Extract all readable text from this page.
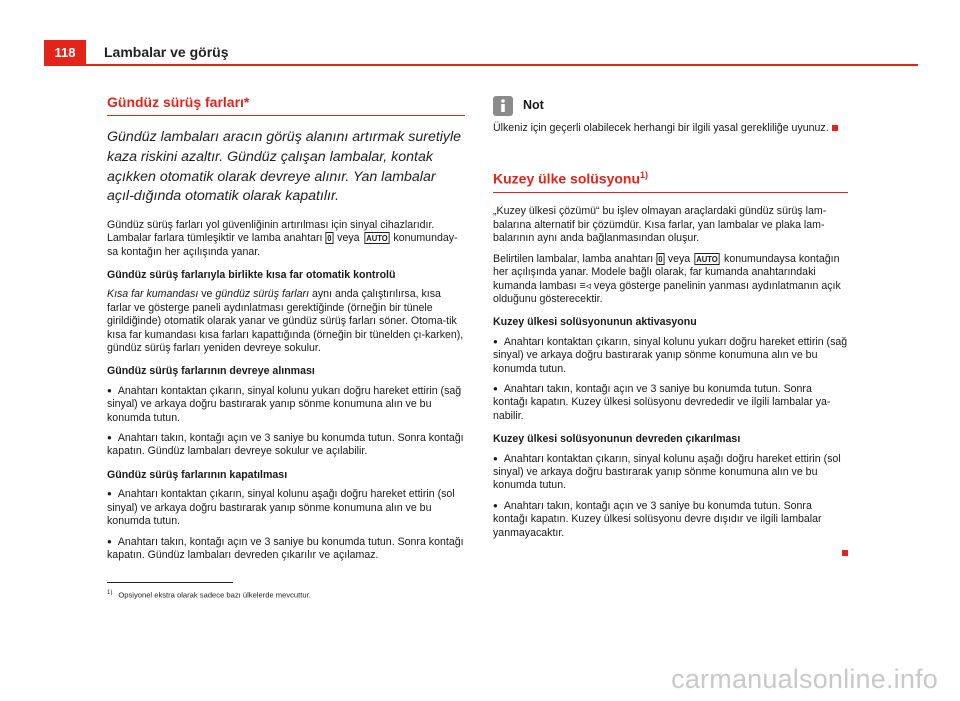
118 Lambalar ve görüş
Gündüz sürüş farları*
Gündüz lambaları aracın görüş alanını artırmak suretiyle kaza riskini azaltır. Gündüz çalışan lambalar, kontak açıkken otomatik olarak devreye alınır. Yan lambalar açıl-dığında otomatik olarak kapatılır.

Gündüz sürüş farları yol güvenliğinin artırılması için sinyal cihazlarıdır. Lambalar farlara tümleşiktir ve lamba anahtarı 0 veya AUTO konumunday-sa kontağın her açılışında yanar.

Gündüz sürüş farlarıyla birlikte kısa far otomatik kontrolü

Kısa far kumandası ve gündüz sürüş farları aynı anda çalıştırılırsa, kısa farlar ve gösterge paneli aydınlatması gerektiğinde (örneğin bir tünele girildiğinde) otomatik olarak yanar ve gündüz sürüş farları söner. Otoma-tik kısa far kumandası kısa farları kapattığında (örneğin bir tünelden çı-karken), gündüz sürüş farları yeniden devreye sokulur.

Gündüz sürüş farlarının devreye alınması

● Anahtarı kontaktan çıkarın, sinyal kolunu yukarı doğru hareket ettirin (sağ sinyal) ve arkaya doğru bastırarak yanıp sönme konumuna alın ve bu konumda tutun.

● Anahtarı takın, kontağı açın ve 3 saniye bu konumda tutun. Sonra kontağı kapatın. Gündüz lambaları devreye sokulur ve açılabilir.

Gündüz sürüş farlarının kapatılması

● Anahtarı kontaktan çıkarın, sinyal kolunu aşağı doğru hareket ettirin (sol sinyal) ve arkaya doğru bastırarak yanıp sönme konumuna alın ve bu konumda tutun.

● Anahtarı takın, kontağı açın ve 3 saniye bu konumda tutun. Sonra kontağı kapatın. Gündüz lambaları devreden çıkarılır ve açılamaz.

Not

Ülkeniz için geçerli olabilecek herhangi bir ilgili yasal gerekliliğe uyunuz.

Kuzey ülke solüsyonu$^{1)}$

„Kuzey ülkesi çözümü“ bu işlev olmayan araçlardaki gündüz sürüş lam-balarına alternatif bir çözümdür. Kısa farlar, yan lambalar ve plaka lam-balarının aynı anda bağlanmasından oluşur.

Belirtilen lambalar, lamba anahtarı 0 veya AUTO konumundaysa kontağın her açılışında yanar. Modele bağlı olarak, far kumanda anahtarındaki kumanda lambası ≡◃ veya gösterge panelinin yanması aydınlatmanın açık olduğunu gösterecektir.

Kuzey ülkesi solüsyonunun aktivasyonu

● Anahtarı kontaktan çıkarın, sinyal kolunu yukarı doğru hareket ettirin (sağ sinyal) ve arkaya doğru bastırarak yanıp sönme konumuna alın ve bu konumda tutun.

● Anahtarı takın, kontağı açın ve 3 saniye bu konumda tutun. Sonra kontağı kapatın. Kuzey ülkesi solüsyonu devrededir ve ilgili lambalar ya-nabilir.

Kuzey ülkesi solüsyonunun devreden çıkarılması

● Anahtarı kontaktan çıkarın, sinyal kolunu aşağı doğru hareket ettirin (sol sinyal) ve arkaya doğru bastırarak yanıp sönme konumuna alın ve bu konumda tutun.

● Anahtarı takın, kontağı açın ve 3 saniye bu konumda tutun. Sonra kontağı kapatın. Kuzey ülkesi solüsyonu devre dışıdır ve ilgili lambalar yanmayacaktır.

$^{1)}$ Opsiyonel ekstra olarak sadece bazı ülkelerde mevcuttur.
carmanualsonline.info
